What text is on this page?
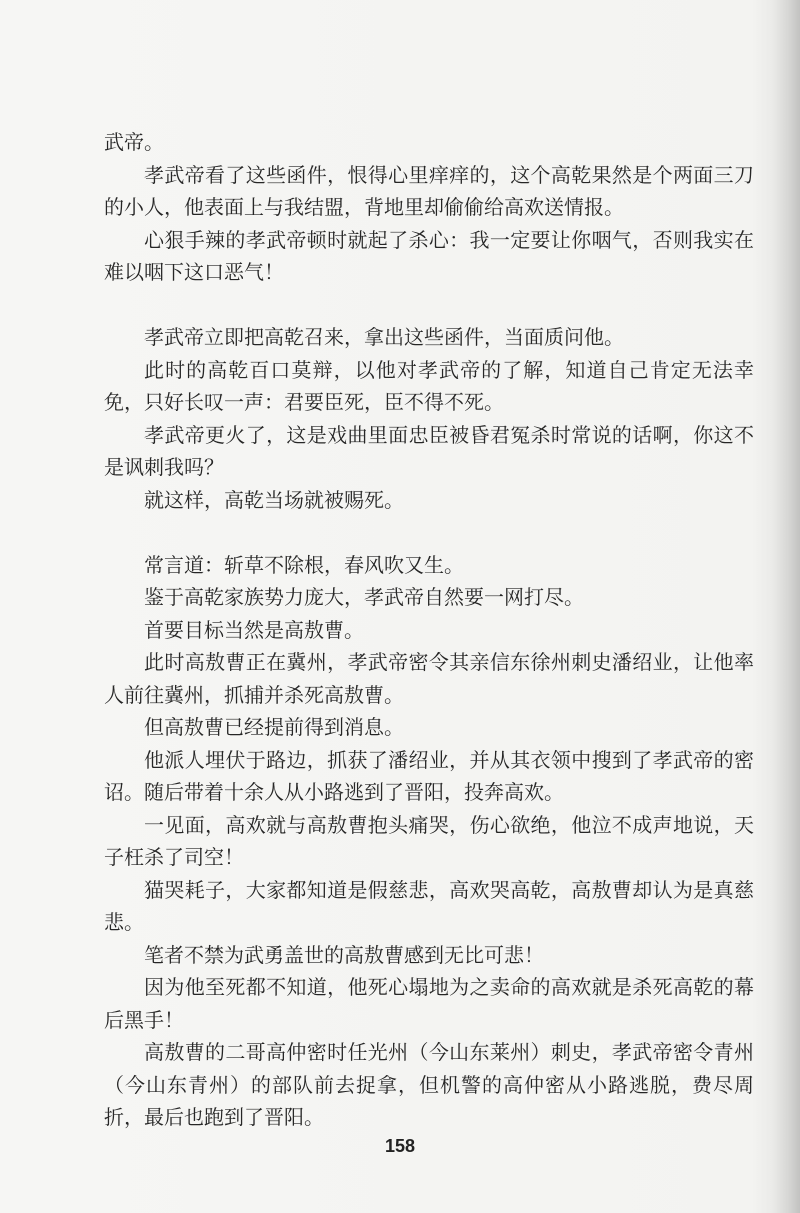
武帝。

孝武帝看了这些函件，恨得心里痒痒的，这个高乾果然是个两面三刀的小人，他表面上与我结盟，背地里却偷偷给高欢送情报。

心狠手辣的孝武帝顿时就起了杀心：我一定要让你咽气，否则我实在难以咽下这口恶气！

孝武帝立即把高乾召来，拿出这些函件，当面质问他。

此时的高乾百口莫辩，以他对孝武帝的了解，知道自己肯定无法幸免，只好长叹一声：君要臣死，臣不得不死。

孝武帝更火了，这是戏曲里面忠臣被昏君冤杀时常说的话啊，你这不是讽刺我吗？

就这样，高乾当场就被赐死。

常言道：斩草不除根，春风吹又生。

鉴于高乾家族势力庞大，孝武帝自然要一网打尽。

首要目标当然是高敖曹。

此时高敖曹正在冀州，孝武帝密令其亲信东徐州刺史潘绍业，让他率人前往冀州，抓捕并杀死高敖曹。

但高敖曹已经提前得到消息。

他派人埋伏于路边，抓获了潘绍业，并从其衣领中搜到了孝武帝的密诏。随后带着十余人从小路逃到了晋阳，投奔高欢。

一见面，高欢就与高敖曹抱头痛哭，伤心欲绝，他泣不成声地说，天子枉杀了司空！

猫哭耗子，大家都知道是假慈悲，高欢哭高乾，高敖曹却认为是真慈悲。

笔者不禁为武勇盖世的高敖曹感到无比可悲！

因为他至死都不知道，他死心塌地为之卖命的高欢就是杀死高乾的幕后黑手！

高敖曹的二哥高仲密时任光州（今山东莱州）刺史，孝武帝密令青州（今山东青州）的部队前去捉拿，但机警的高仲密从小路逃脱，费尽周折，最后也跑到了晋阳。

158
